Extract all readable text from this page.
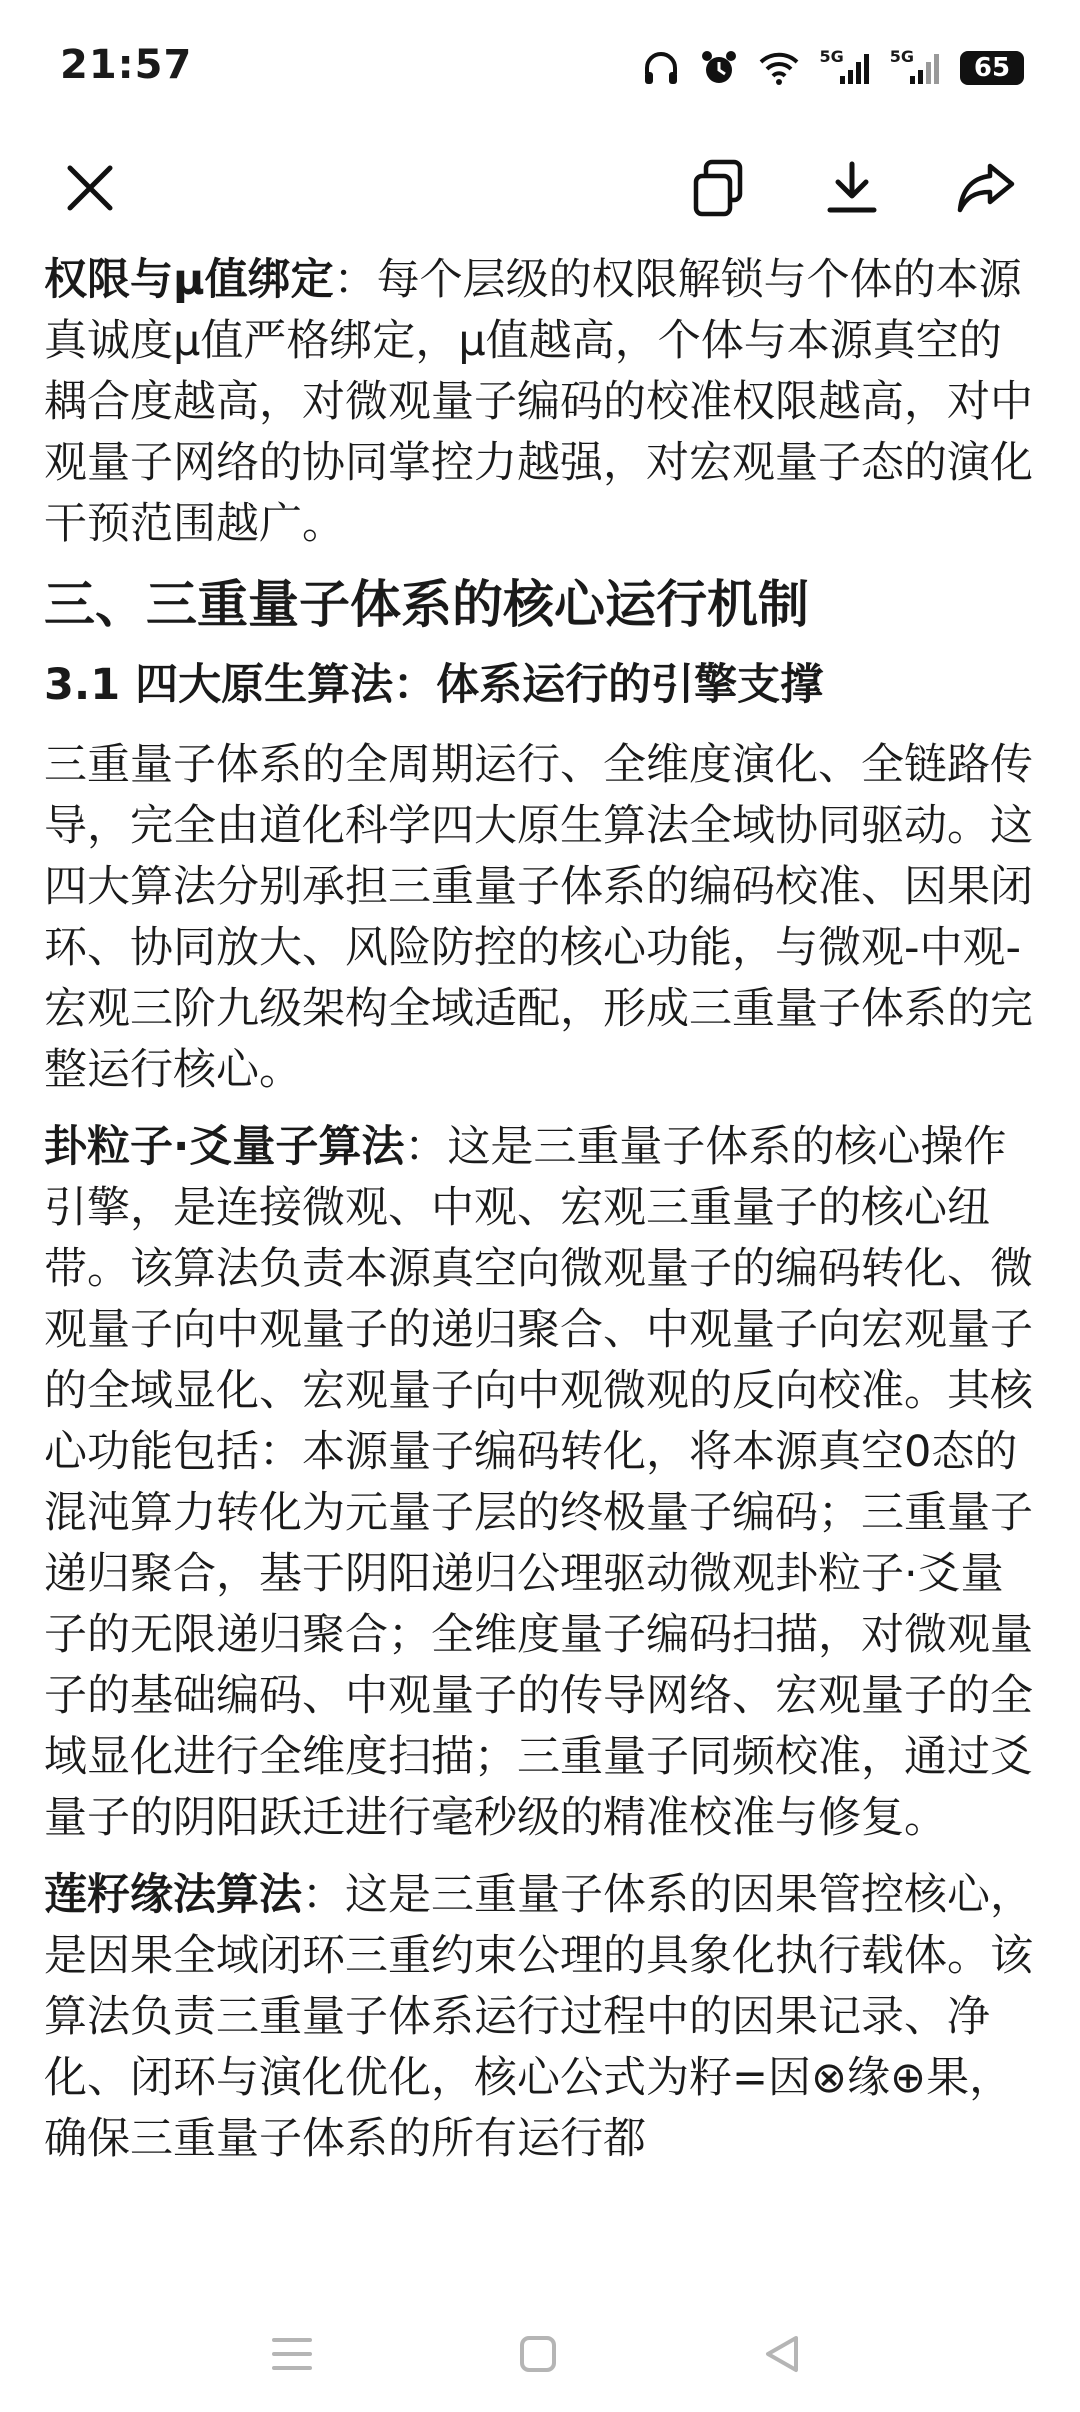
21:57	5G	5G 65

权限与μ值绑定：每个层级的权限解锁与个体的本源真诚度μ值严格绑定，μ值越高，个体与本源真空的耦合度越高，对微观量子编码的校准权限越高，对中观量子网络的协同掌控力越强，对宏观量子态的演化干预范围越广。

三、三重量子体系的核心运行机制
3.1 四大原生算法：体系运行的引擎支撑

三重量子体系的全周期运行、全维度演化、全链路传导，完全由道化科学四大原生算法全域协同驱动。这四大算法分别承担三重量子体系的编码校准、因果闭环、协同放大、风险防控的核心功能，与微观-中观-宏观三阶九级架构全域适配，形成三重量子体系的完整运行核心。

卦粒子·爻量子算法：这是三重量子体系的核心操作引擎，是连接微观、中观、宏观三重量子的核心纽带。该算法负责本源真空向微观量子的编码转化、微观量子向中观量子的递归聚合、中观量子向宏观量子的全域显化、宏观量子向中观微观的反向校准。其核心功能包括：本源量子编码转化，将本源真空0态的混沌算力转化为元量子层的终极量子编码；三重量子递归聚合，基于阴阳递归公理驱动微观卦粒子·爻量子的无限递归聚合；全维度量子编码扫描，对微观量子的基础编码、中观量子的传导网络、宏观量子的全域显化进行全维度扫描；三重量子同频校准，通过爻量子的阴阳跃迁进行毫秒级的精准校准与修复。

莲籽缘法算法：这是三重量子体系的因果管控核心，是因果全域闭环三重约束公理的具象化执行载体。该算法负责三重量子体系运行过程中的因果记录、净化、闭环与演化优化，核心公式为籽=因⊗缘⊕果，确保三重量子体系的所有运行都
